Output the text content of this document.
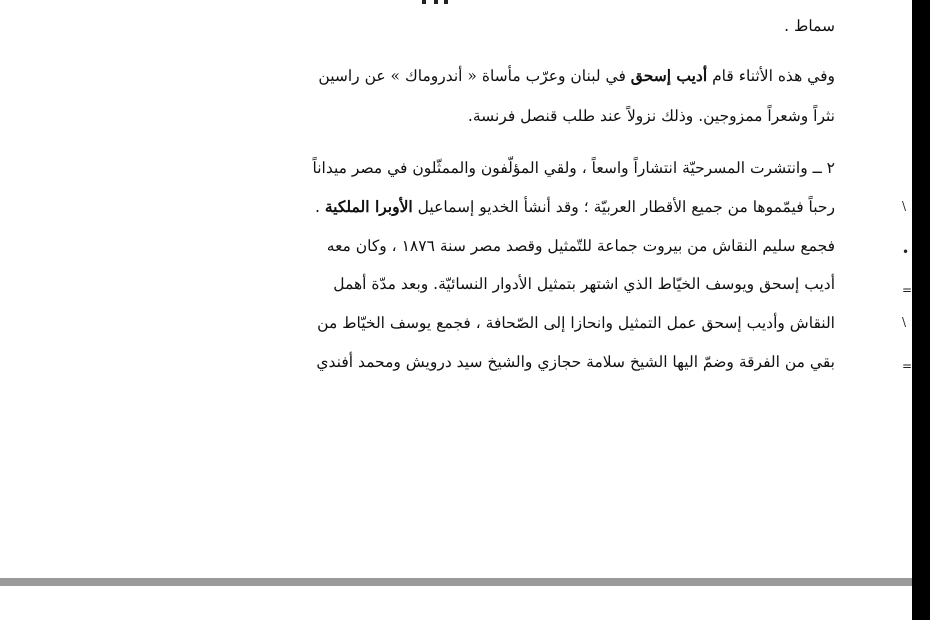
سماط .
وفي هذه الأثناء قام أديب إسحق في لبنان وعرّب مأساة « أندروماك » عن راسين
نثراً وشعراً ممزوجين. وذلك نزولاً عند طلب قنصل فرنسة.
٢ ــ وانتشرت المسرحيّة انتشاراً واسعاً ، ولقي المؤلّفون والممثّلون في مصر ميداناً
رحباً فيمّموها من جميع الأقطار العربيّة ؛ وقد أنشأ الخديو إسماعيل الأوبرا الملكية .
فجمع سليم النقاش من بيروت جماعة للتّمثيل وقصد مصر سنة ١٨٧٦ ، وكان معه
أديب إسحق ويوسف الخيّاط الذي اشتهر بتمثيل الأدوار النسائيّة. وبعد مدّة أهمل
النقاش وأديب إسحق عمل التمثيل وانحازا إلى الصّحافة ، فجمع يوسف الخيّاط من
بقي من الفرقة وضمّ اليها الشيخ سلامة حجازي والشيخ سيد درويش ومحمد أفندي
\
•
=
\
=
